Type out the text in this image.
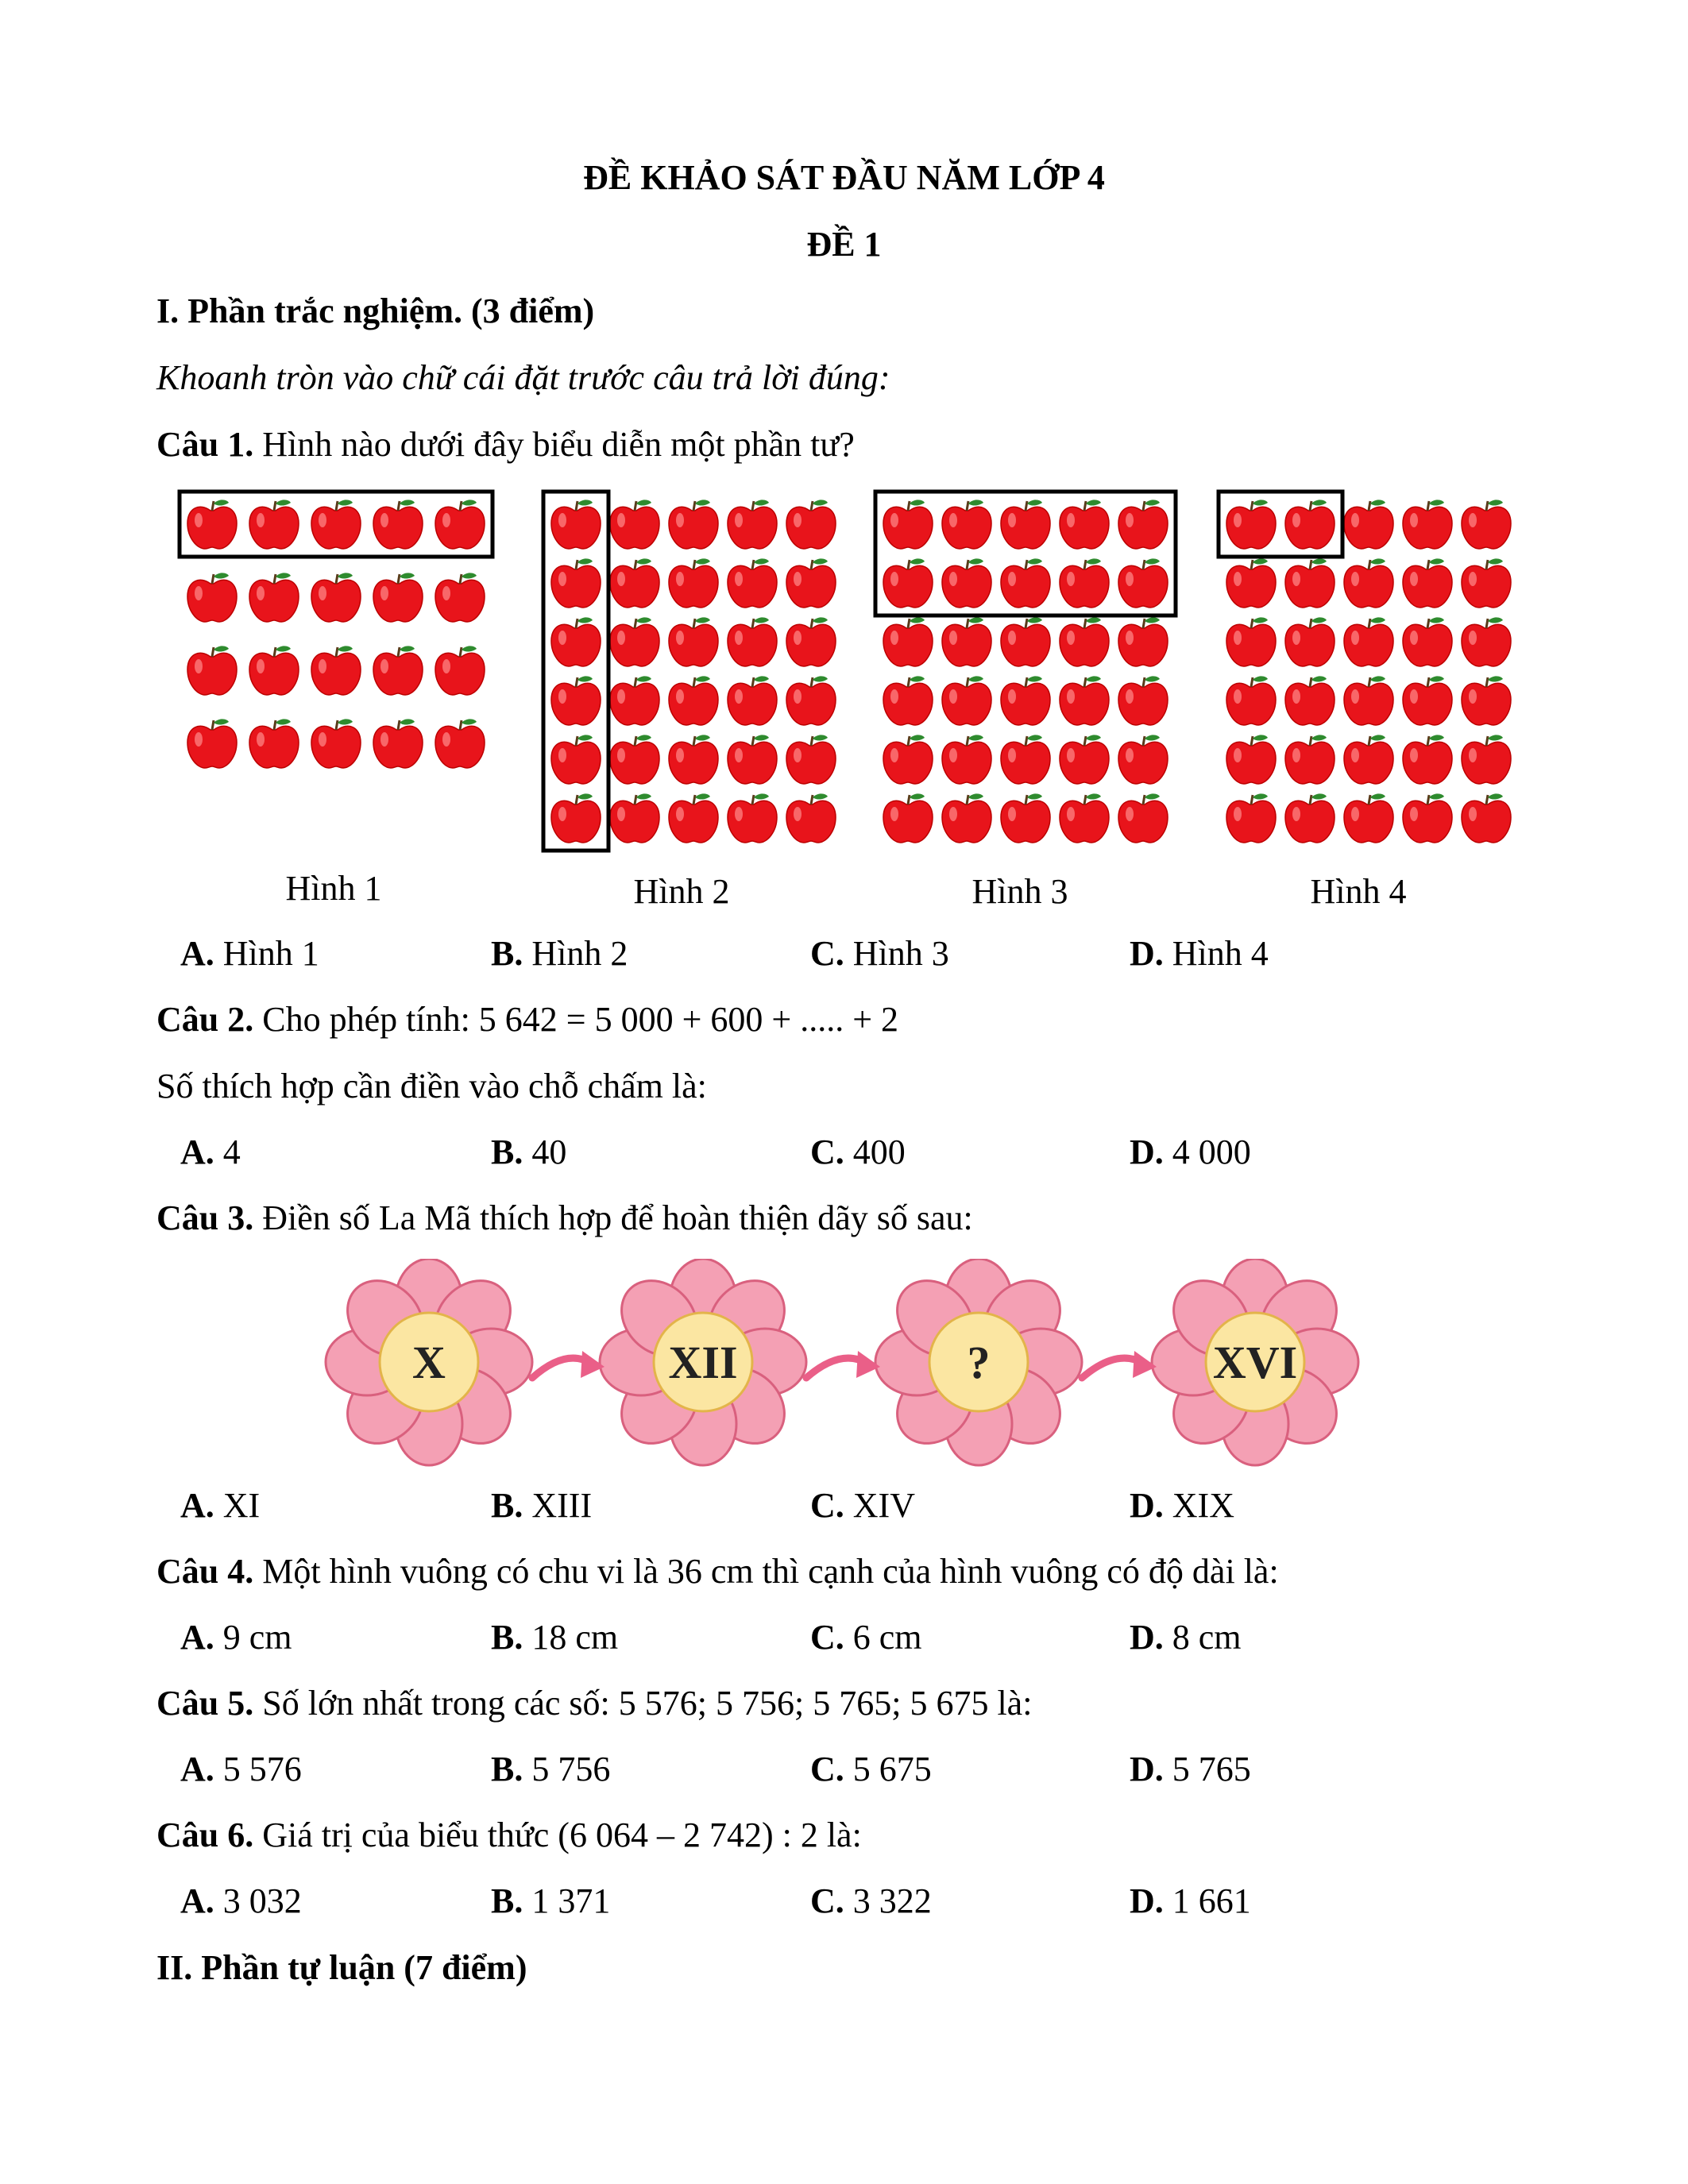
ĐỀ KHẢO SÁT ĐẦU NĂM LỚP 4
ĐỀ 1
I. Phần trắc nghiệm. (3 điểm)
Khoanh tròn vào chữ cái đặt trước câu trả lời đúng:
Câu 1. Hình nào dưới đây biểu diễn một phần tư?
Hình 1	Hình 2	Hình 3	Hình 4
A. Hình 1	B. Hình 2	C. Hình 3	D. Hình 4
Câu 2. Cho phép tính: 5 642 = 5 000 + 600 + ..... + 2
Số thích hợp cần điền vào chỗ chấm là:
A. 4	B. 40	C. 400	D. 4 000
Câu 3. Điền số La Mã thích hợp để hoàn thiện dãy số sau:
X	XII	?	XVI
A. XI	B. XIII	C. XIV	D. XIX
Câu 4. Một hình vuông có chu vi là 36 cm thì cạnh của hình vuông có độ dài là:
A. 9 cm	B. 18 cm	C. 6 cm	D. 8 cm
Câu 5. Số lớn nhất trong các số: 5 576; 5 756; 5 765; 5 675 là:
A. 5 576	B. 5 756	C. 5 675	D. 5 765
Câu 6. Giá trị của biểu thức (6 064 – 2 742) : 2 là:
A. 3 032	B. 1 371	C. 3 322	D. 1 661
II. Phần tự luận (7 điểm)
